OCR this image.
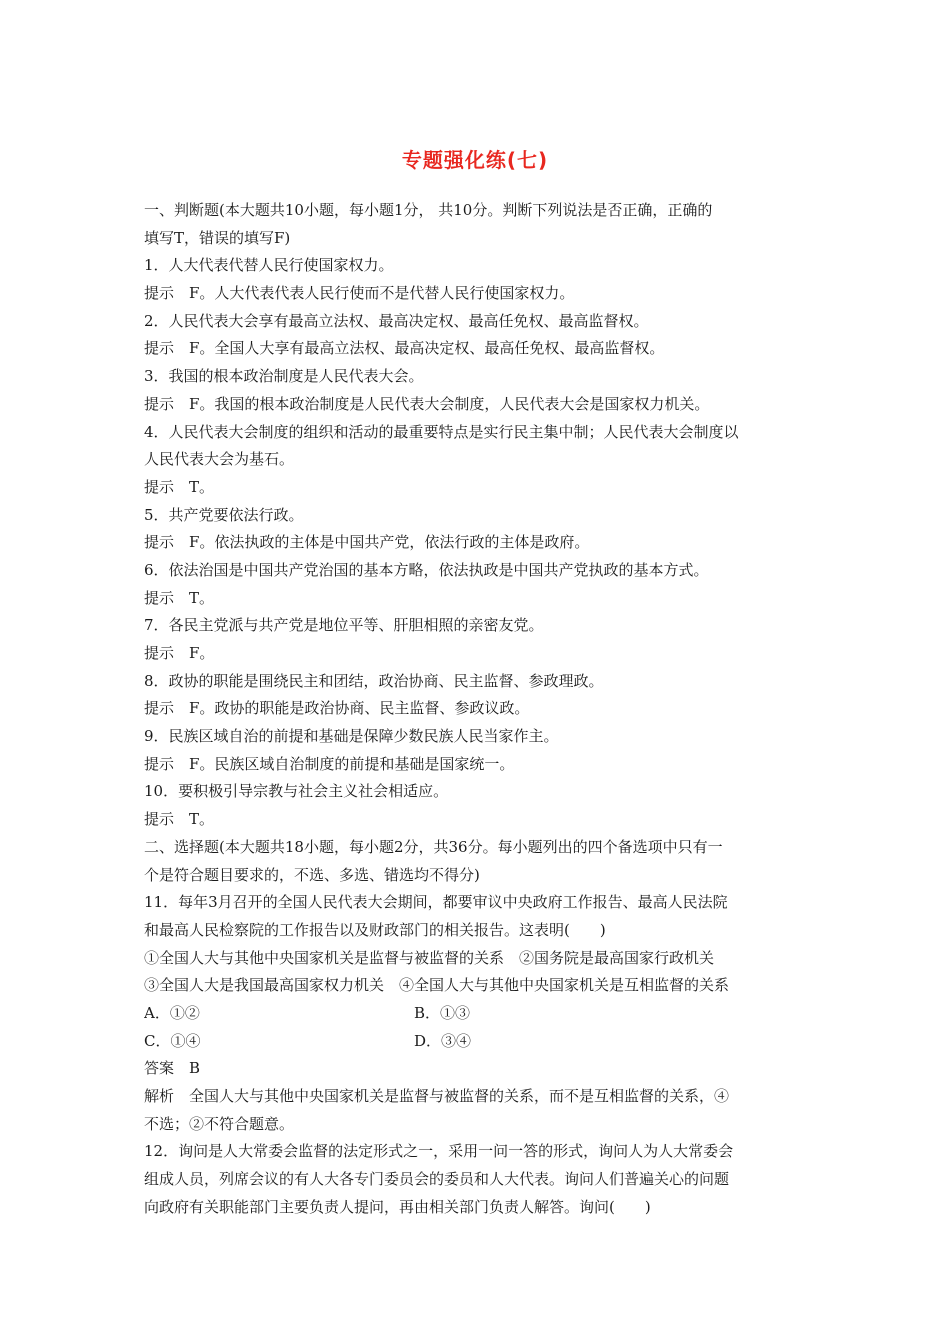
专题强化练(七)
一、判断题(本大题共10小题，每小题1分， 共10分。判断下列说法是否正确，正确的
填写T，错误的填写F)
1．人大代表代替人民行使国家权力。
提示　F。人大代表代表人民行使而不是代替人民行使国家权力。
2．人民代表大会享有最高立法权、最高决定权、最高任免权、最高监督权。
提示　F。全国人大享有最高立法权、最高决定权、最高任免权、最高监督权。
3．我国的根本政治制度是人民代表大会。
提示　F。我国的根本政治制度是人民代表大会制度，人民代表大会是国家权力机关。
4．人民代表大会制度的组织和活动的最重要特点是实行民主集中制；人民代表大会制度以
人民代表大会为基石。
提示　T。
5．共产党要依法行政。
提示　F。依法执政的主体是中国共产党，依法行政的主体是政府。
6．依法治国是中国共产党治国的基本方略，依法执政是中国共产党执政的基本方式。
提示　T。
7．各民主党派与共产党是地位平等、肝胆相照的亲密友党。
提示　F。
8．政协的职能是围绕民主和团结，政治协商、民主监督、参政理政。
提示　F。政协的职能是政治协商、民主监督、参政议政。
9．民族区域自治的前提和基础是保障少数民族人民当家作主。
提示　F。民族区域自治制度的前提和基础是国家统一。
10．要积极引导宗教与社会主义社会相适应。
提示　T。
二、选择题(本大题共18小题，每小题2分，共36分。每小题列出的四个备选项中只有一
个是符合题目要求的，不选、多选、错选均不得分)
11．每年3月召开的全国人民代表大会期间，都要审议中央政府工作报告、最高人民法院
和最高人民检察院的工作报告以及财政部门的相关报告。这表明(　　)
①全国人大与其他中央国家机关是监督与被监督的关系　②国务院是最高国家行政机关
③全国人大是我国最高国家权力机关　④全国人大与其他中央国家机关是互相监督的关系
A．①②	B．①③
C．①④	D．③④
答案　B
解析　全国人大与其他中央国家机关是监督与被监督的关系，而不是互相监督的关系，④
不选；②不符合题意。
12．询问是人大常委会监督的法定形式之一，采用一问一答的形式，询问人为人大常委会
组成人员，列席会议的有人大各专门委员会的委员和人大代表。询问人们普遍关心的问题
向政府有关职能部门主要负责人提问，再由相关部门负责人解答。询问(　　)
